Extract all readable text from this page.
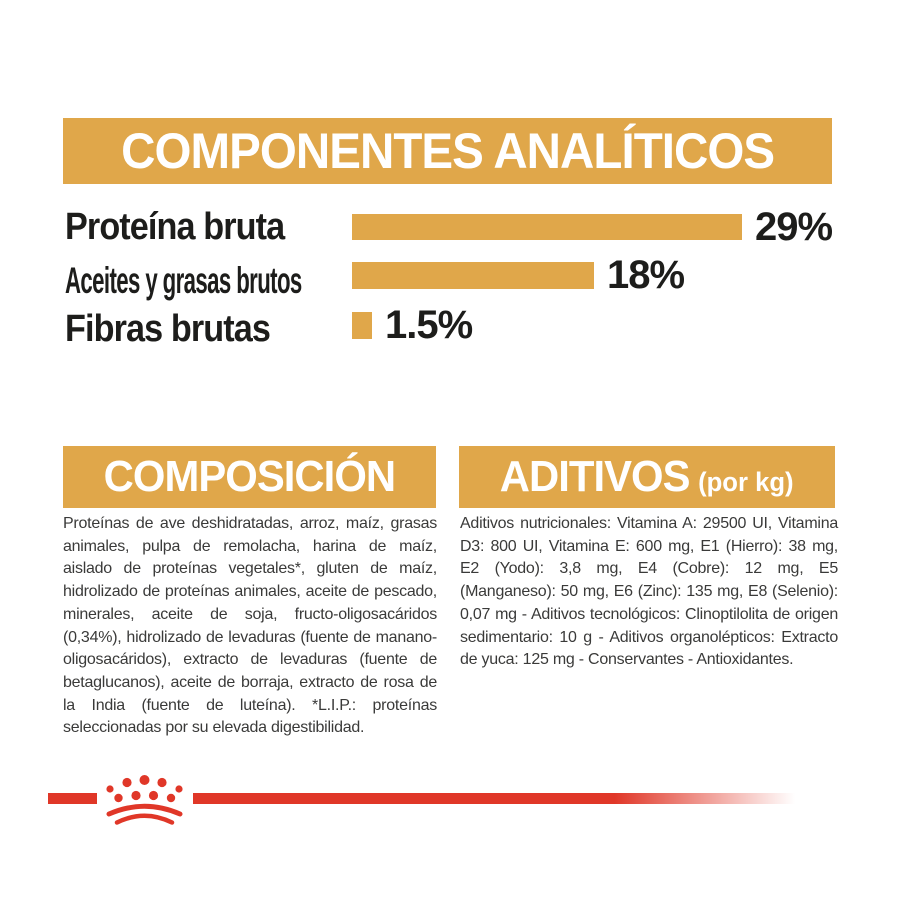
COMPONENTES ANALÍTICOS
Proteína bruta	29%
Aceites y grasas brutos	18%
Fibras brutas	1.5%
COMPOSICIÓN

Proteínas de ave deshidratadas, arroz, maíz, grasas animales, pulpa de remolacha, harina de maíz, aislado de proteínas vegetales*, gluten de maíz, hidrolizado de proteínas animales, aceite de pescado, minerales, aceite de soja, fructo-oligosacáridos (0,34%), hidrolizado de levaduras (fuente de manano-oligosacáridos), extracto de levaduras (fuente de betaglucanos), aceite de borraja, extracto de rosa de la India (fuente de luteína). *L.I.P.: proteínas seleccionadas por su elevada digestibilidad.

ADITIVOS (por kg)

Aditivos nutricionales: Vitamina A: 29500 UI, Vitamina D3: 800 UI, Vitamina E: 600 mg, E1 (Hierro): 38 mg, E2 (Yodo): 3,8 mg, E4 (Cobre): 12 mg, E5 (Manganeso): 50 mg, E6 (Zinc): 135 mg, E8 (Selenio): 0,07 mg - Aditivos tecnológicos: Clinoptilolita de origen sedimentario: 10 g - Aditivos organolépticos: Extracto de yuca: 125 mg - Conservantes - Antioxidantes.
